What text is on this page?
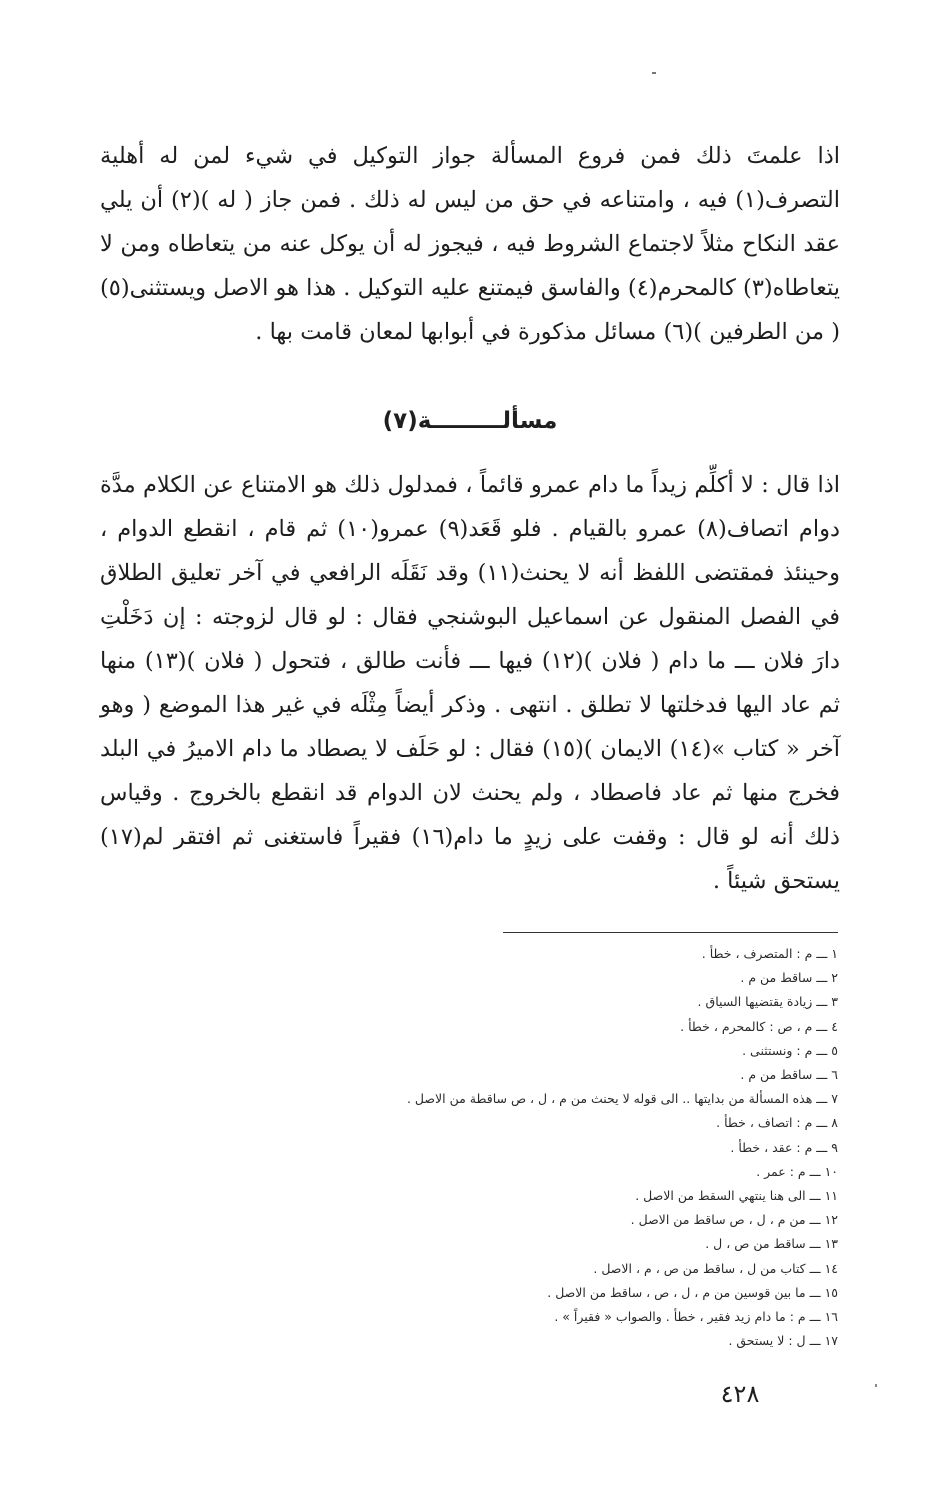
اذا علمتَ ذلك فمن فروع المسألة جواز التوكيل في شيء لمن له أهلية التصرف(١) فيه ، وامتناعه في حق من ليس له ذلك . فمن جاز ( له )(٢) أن يلي عقد النكاح مثلاً لاجتماع الشروط فيه ، فيجوز له أن يوكل عنه من يتعاطاه ومن لا يتعاطاه(٣) كالمحرم(٤) والفاسق فيمتنع عليه التوكيل . هذا هو الاصل ويستثنى(٥) ( من الطرفين )(٦) مسائل مذكورة في أبوابها لمعان قامت بها .

مسألـــــــــة(٧)

اذا قال : لا أكلِّم زيداً ما دام عمرو قائماً ، فمدلول ذلك هو الامتناع عن الكلام مدَّة دوام اتصاف(٨) عمرو بالقيام . فلو قَعَد(٩) عمرو(١٠) ثم قام ، انقطع الدوام ، وحينئذ فمقتضى اللفظ أنه لا يحنث(١١) وقد نَقَلَه الرافعي في آخر تعليق الطلاق في الفصل المنقول عن اسماعيل البوشنجي فقال : لو قال لزوجته : إن دَخَلْتِ دارَ فلان ـــ ما دام ( فلان )(١٢) فيها ـــ فأنت طالق ، فتحول ( فلان )(١٣) منها ثم عاد اليها فدخلتها لا تطلق . انتهى . وذكر أيضاً مِثْلَه في غير هذا الموضع ( وهو آخر « كتاب »(١٤) الايمان )(١٥) فقال : لو حَلَف لا يصطاد ما دام الاميرُ في البلد فخرج منها ثم عاد فاصطاد ، ولم يحنث لان الدوام قد انقطع بالخروج . وقياس ذلك أنه لو قال : وقفت على زيدٍ ما دام(١٦) فقيراً فاستغنى ثم افتقر لم(١٧) يستحق شيئاً .

١ ـــ م : المتصرف ، خطأ .
٢ ـــ ساقط من م .
٣ ـــ زيادة يقتضيها السياق .
٤ ـــ م ، ص : كالمحرم ، خطأ .
٥ ـــ م : ونستثنى .
٦ ـــ ساقط من م .
٧ ـــ هذه المسألة من بدايتها .. الى قوله لا يحنث من م ، ل ، ص ساقطة من الاصل .
٨ ـــ م : اتصاف ، خطأ .
٩ ـــ م : عقد ، خطأ .
١٠ ـــ م : عمر .
١١ ـــ الى هنا ينتهي السقط من الاصل .
١٢ ـــ من م ، ل ، ص ساقط من الاصل .
١٣ ـــ ساقط من ص ، ل .
١٤ ـــ كتاب من ل ، ساقط من ص ، م ، الاصل .
١٥ ـــ ما بين قوسين من م ، ل ، ص ، ساقط من الاصل .
١٦ ـــ م : ما دام زيد فقير ، خطأ . والصواب « فقيراً » .
١٧ ـــ ل : لا يستحق .
٤٢٨
